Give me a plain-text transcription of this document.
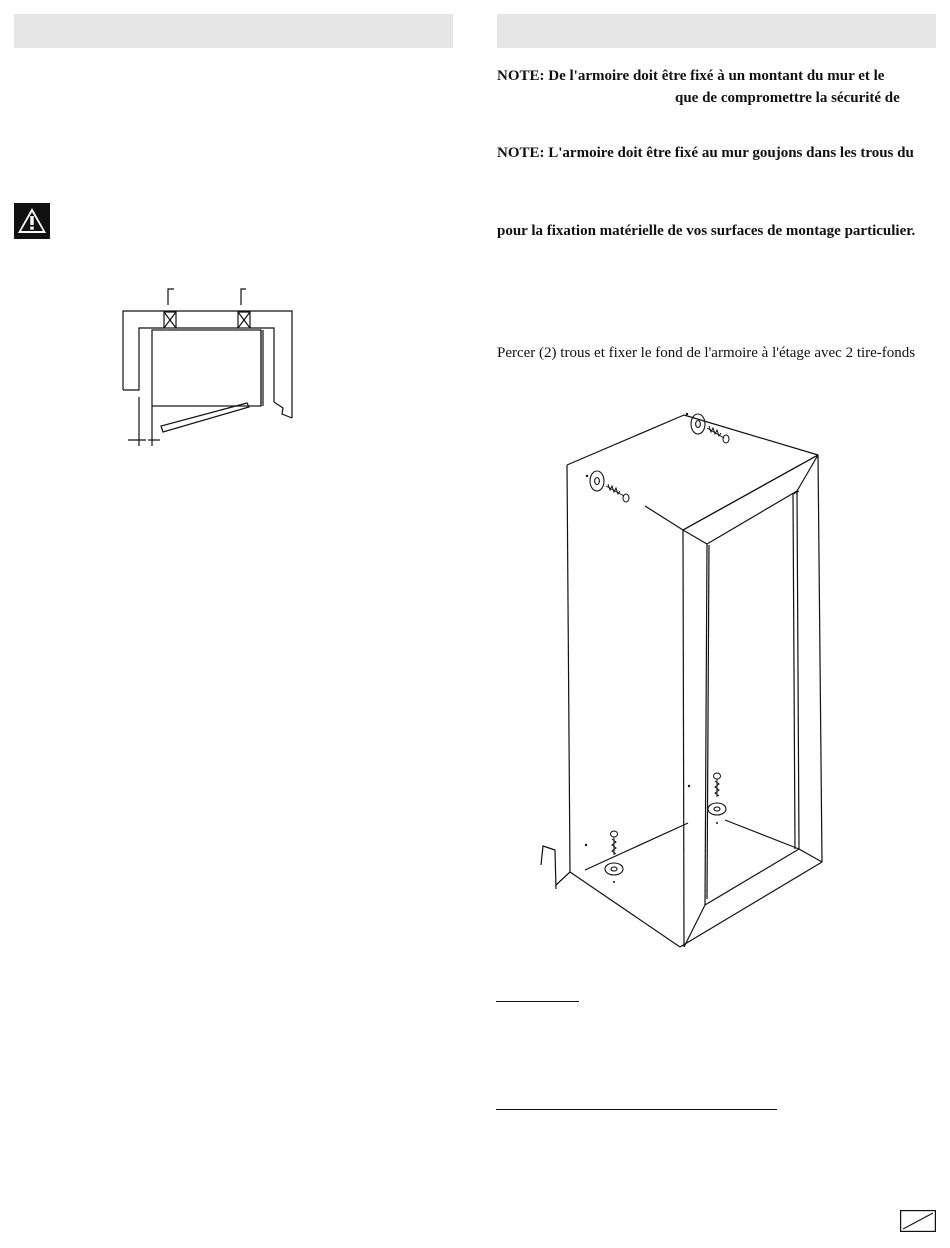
NOTE: De l'armoire doit être fixé à un montant du mur et le
que de compromettre la sécurité de
NOTE: L'armoire doit être fixé au mur goujons dans les trous du
pour la fixation matérielle de vos surfaces de montage particulier.
Percer (2) trous et fixer le fond de l'armoire à l'étage avec 2 tire-fonds
